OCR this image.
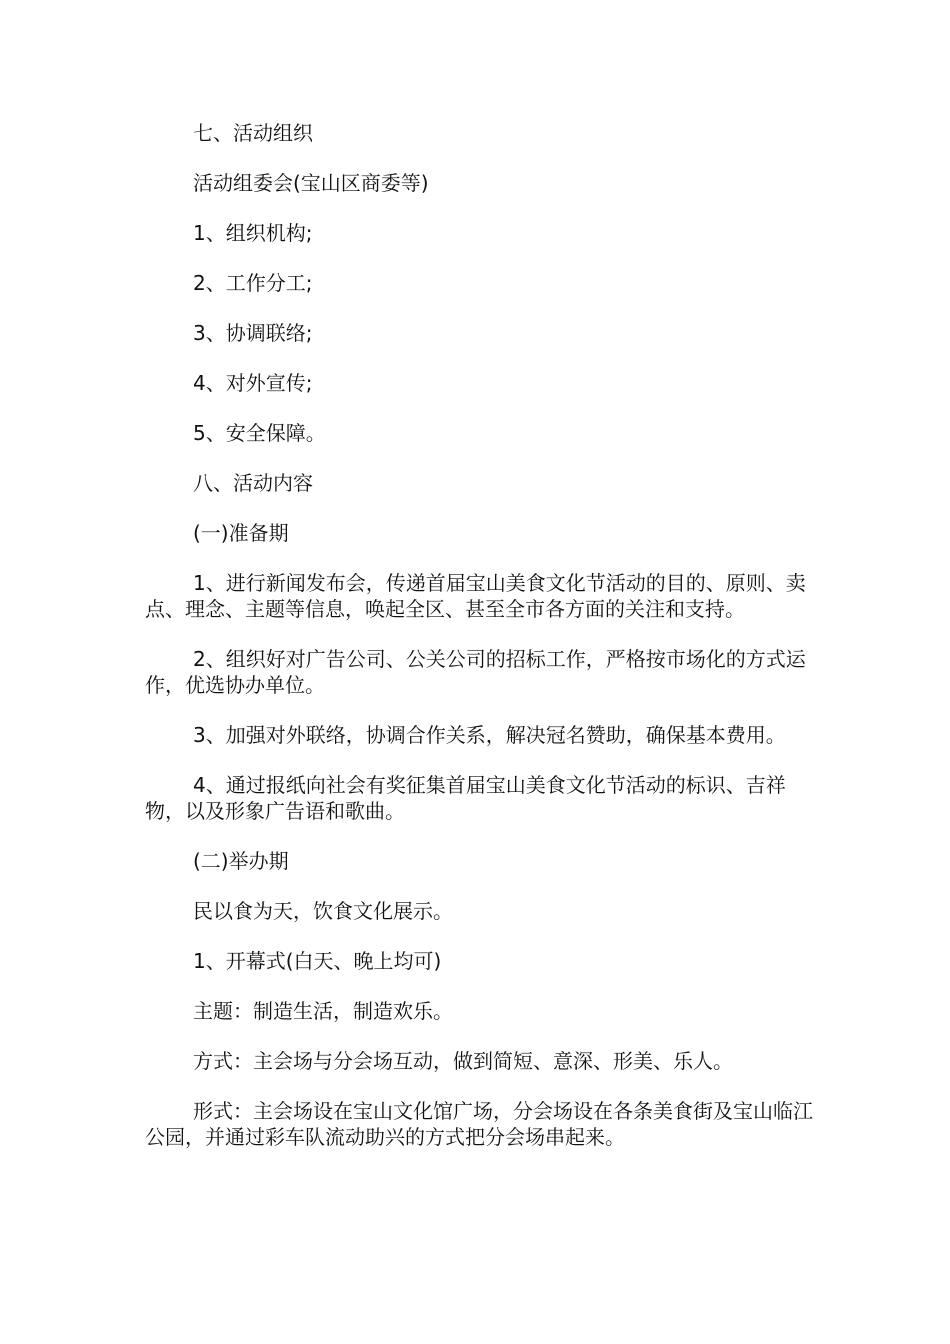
七、活动组织

活动组委会(宝山区商委等)

1、组织机构;

2、工作分工;

3、协调联络;

4、对外宣传;

5、安全保障。

八、活动内容

(一)准备期

1、进行新闻发布会，传递首届宝山美食文化节活动的目的、原则、卖点、理念、主题等信息，唤起全区、甚至全市各方面的关注和支持。

2、组织好对广告公司、公关公司的招标工作，严格按市场化的方式运作，优选协办单位。

3、加强对外联络，协调合作关系，解决冠名赞助，确保基本费用。

4、通过报纸向社会有奖征集首届宝山美食文化节活动的标识、吉祥物，以及形象广告语和歌曲。

(二)举办期

民以食为天，饮食文化展示。

1、开幕式(白天、晚上均可)

主题：制造生活，制造欢乐。

方式：主会场与分会场互动，做到简短、意深、形美、乐人。

形式：主会场设在宝山文化馆广场，分会场设在各条美食街及宝山临江公园，并通过彩车队流动助兴的方式把分会场串起来。
